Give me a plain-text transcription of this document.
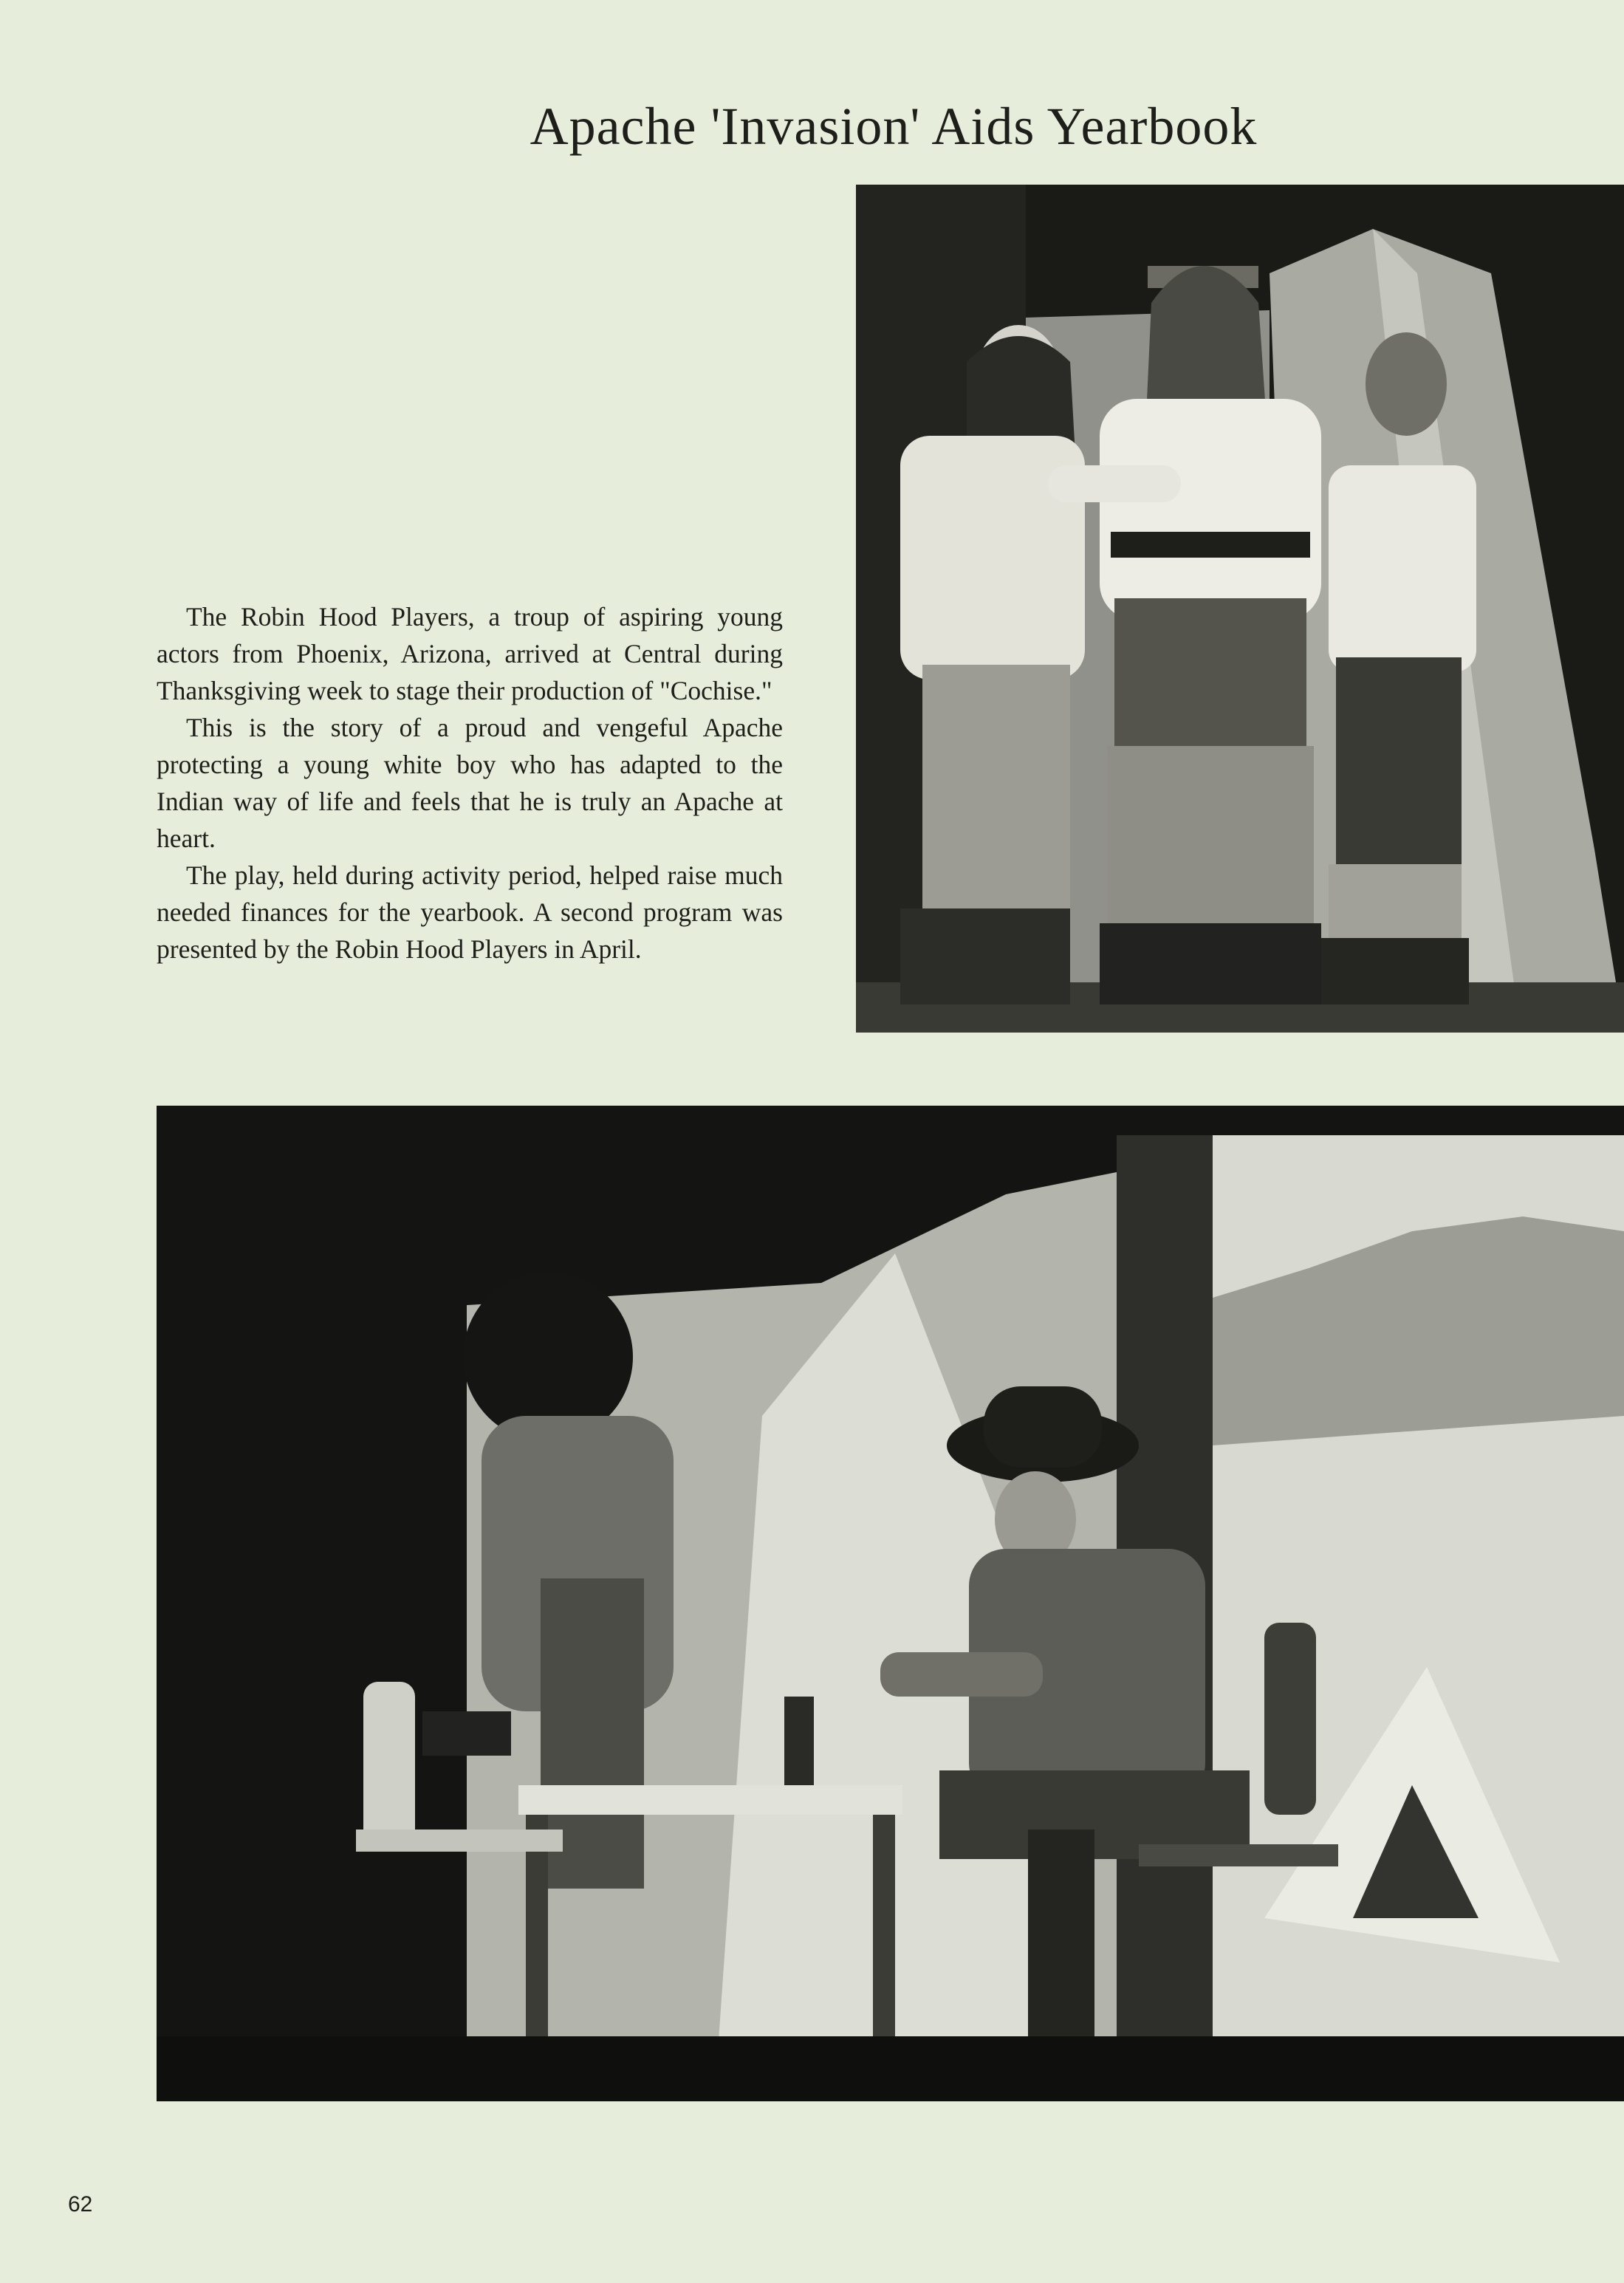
Apache 'Invasion' Aids Yearbook

The Robin Hood Players, a troup of aspiring young actors from Phoenix, Arizona, arrived at Central during Thanksgiving week to stage their production of "Cochise."

This is the story of a proud and vengeful Apache protecting a young white boy who has adapted to the Indian way of life and feels that he is truly an Apache at heart.

The play, held during activity period, helped raise much needed finances for the yearbook. A second program was presented by the Robin Hood Players in April.

62
